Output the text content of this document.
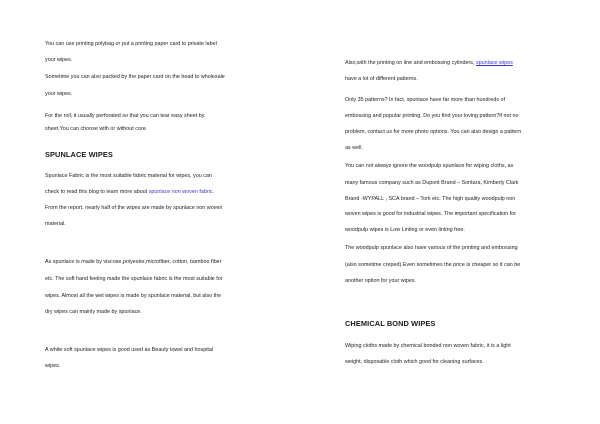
You can use printing polybag or put a printing paper card to private label
your wipes.
Sometime you can also packed by the paper card on the head to wholesale
your wipes.
For the roll, it usually perforated so that you can tear easy sheet by
sheet.You can choose with or without core.
SPUNLACE WIPES
Spunlace Fabric is the most suitable fabric material for wipes, you can
check to read this blog to learn more about spunlace non woven fabric.
From the report, nearly half of the wipes are made by spunlace non woven
material.
As spunlace is made by viscose,polyester,microfiber, cotton, bamboo fiber
etc. The soft hand feeling made the spunlace fabric is the most suitable for
wipes. Almost all the wet wipes is made by spunlace material, but also the
dry wipes can mainly made by spunlace.
A white soft spunlace wipes is good used as Beauty towel and hospital
wipes.
Also,with the printing on line and embossing cylinders, spunlace wipes
have a lot of different patterns.
Only 35 patterns? In fact, spunlace have far more than hundreds of
embossing and popular printing. Do you find your loving pattern?if not no
problem, contact us for more photo options. You can also design a pattern
as well.
You can not always ignore the woodpulp spunlace for wiping cloths, as
many famous company such as Dupont Brand – Sontara, Kimberly Clark
Brand -WYPALL , SCA brand – Tork etc. The high quality woodpulp non
woven wipes is good for industrial wipes. The important specification for
woodpulp wipes is Low Linting or even linting free.
The woodpulp spunlace also have various of the printing and embossing
(also sometime creped).Even sometimes the price is cheaper so it can be
another option for your wipes.
CHEMICAL BOND WIPES
Wiping cloths made by chemical bonded non woven fabric, it is a light
weight, disposable cloth which good for cleaning surfaces.
